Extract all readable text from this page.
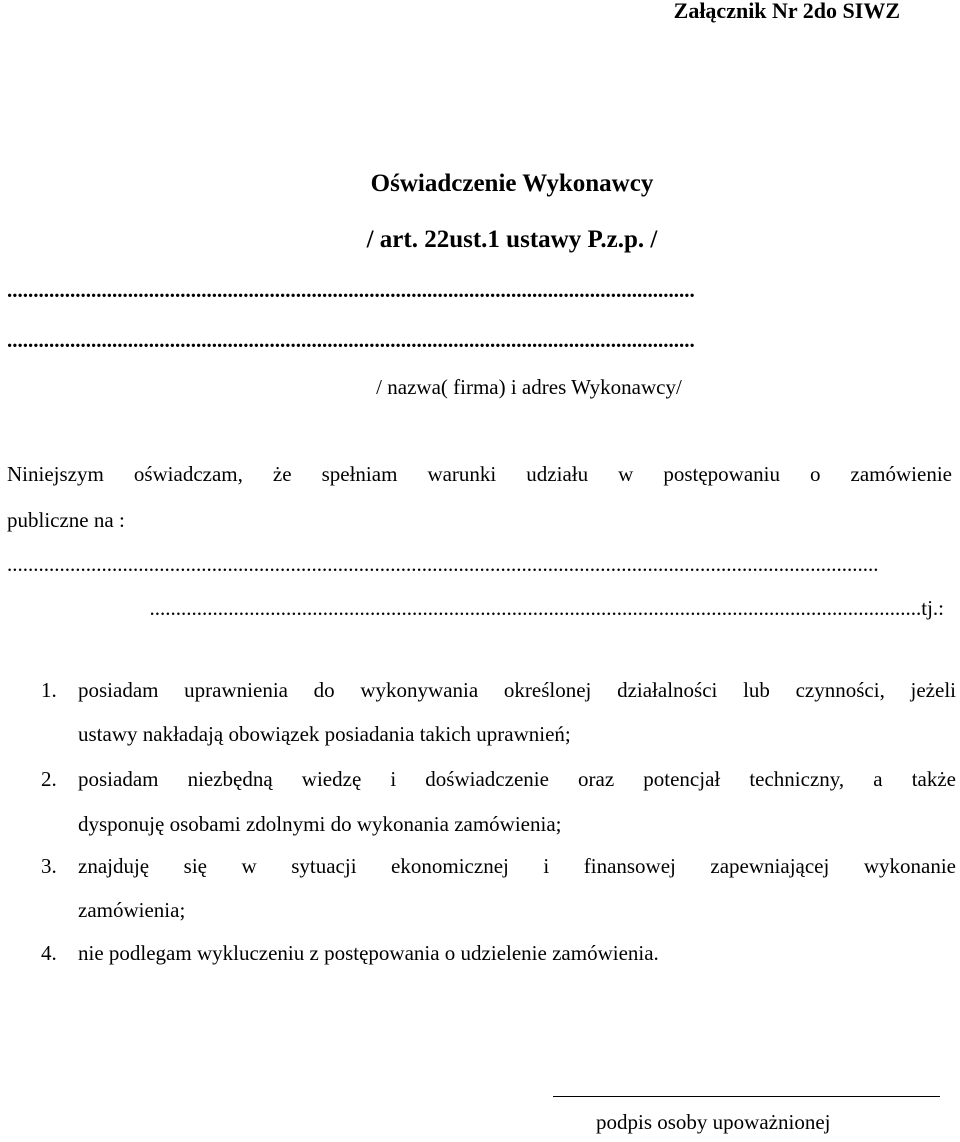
Załącznik Nr 2do SIWZ
Oświadczenie Wykonawcy
/ art. 22ust.1 ustawy P.z.p. /
...................................................................................................................................
...................................................................................................................................
/ nazwa( firma) i adres Wykonawcy/
Niniejszym oświadczam, że spełniam warunki udziału w postępowaniu o zamówienie
publiczne na :
......................................................................................................................................................................
...................................................................................................................................................tj.:
1. posiadam uprawnienia do wykonywania określonej działalności lub czynności, jeżeli
ustawy nakładają obowiązek posiadania takich uprawnień;
2. posiadam niezbędną wiedzę i doświadczenie oraz potencjał techniczny, a także
dysponuję osobami zdolnymi do wykonania zamówienia;
3. znajduję się w sytuacji ekonomicznej i finansowej zapewniającej wykonanie
zamówienia;
4. nie podlegam wykluczeniu z postępowania o udzielenie zamówienia.
podpis osoby upoważnionej
